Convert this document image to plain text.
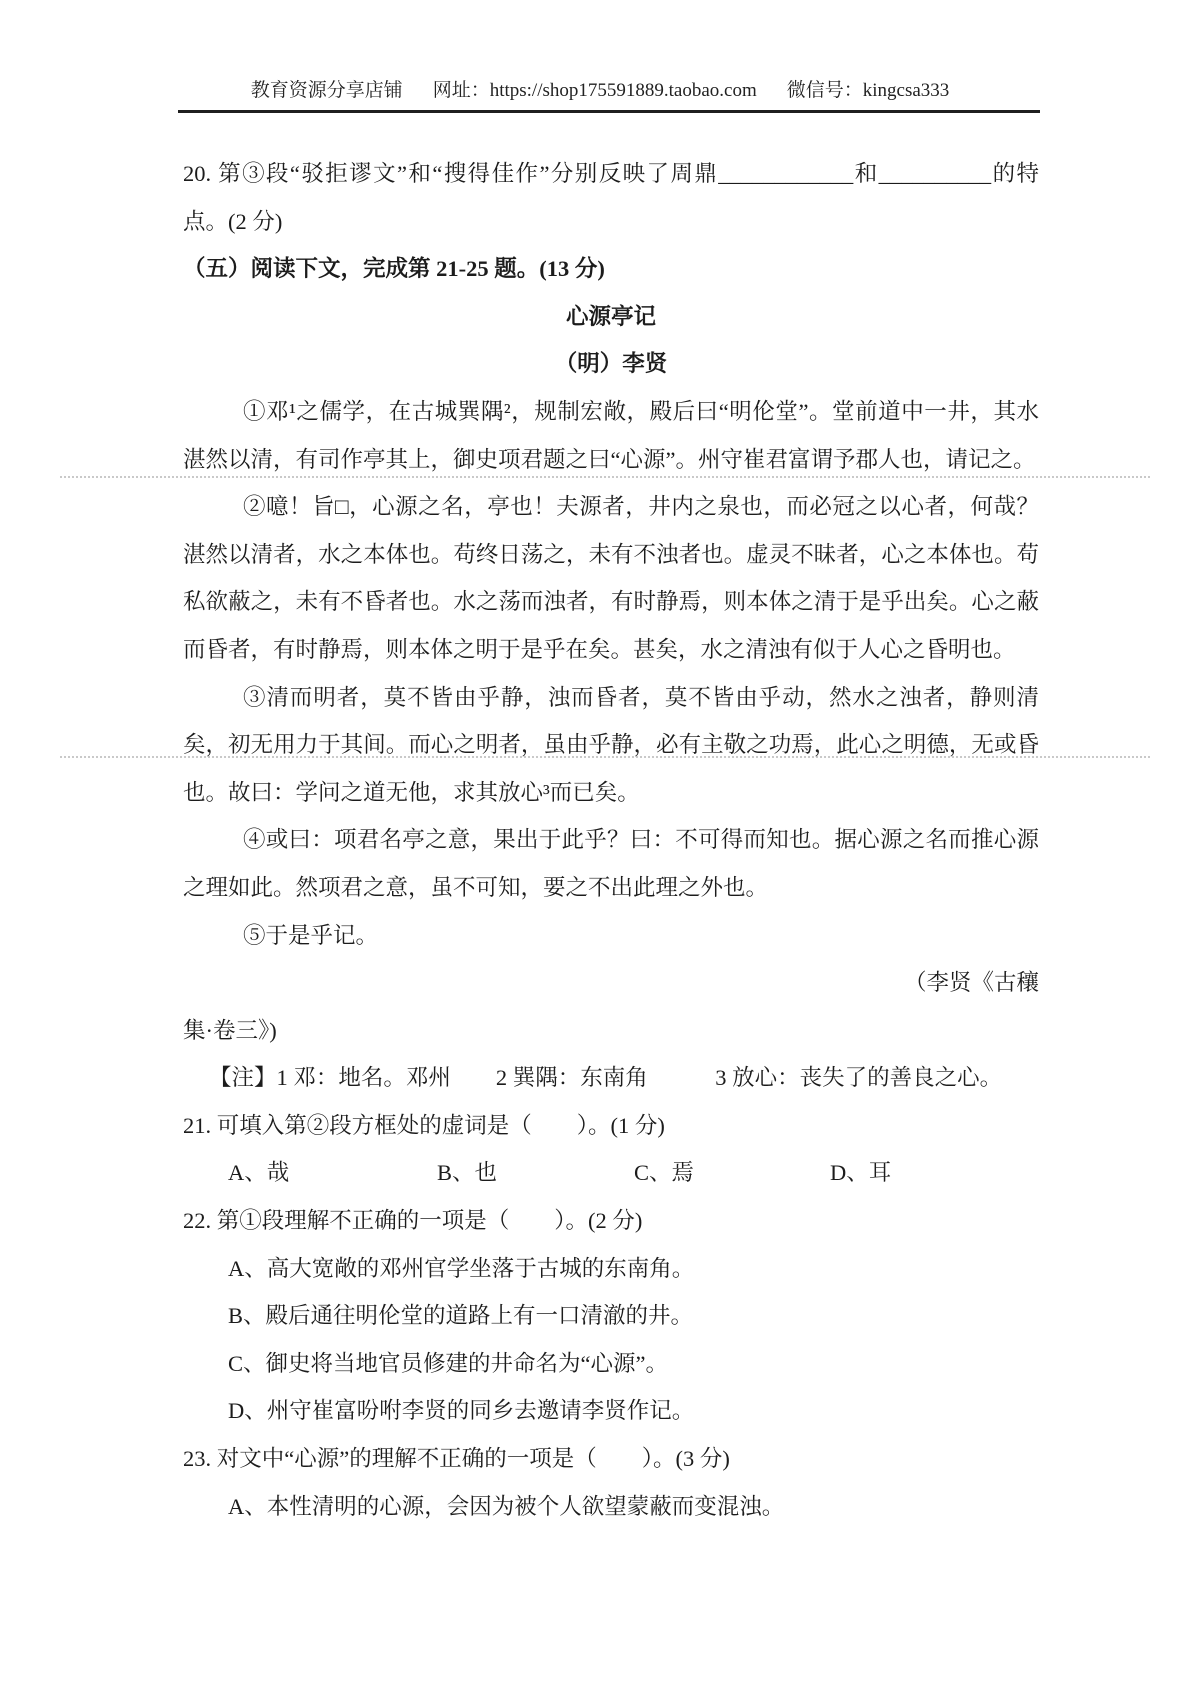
教育资源分享店铺 网址：https://shop175591889.taobao.com 微信号：kingcsa333

20. 第③段“驳拒谬文”和“搜得佳作”分别反映了周鼎____________和__________的特点。(2 分)

（五）阅读下文，完成第 21-25 题。(13 分)

心源亭记

（明）李贤

①邓¹之儒学，在古城巽隅²，规制宏敞，殿后曰“明伦堂”。堂前道中一井，其水湛然以清，有司作亭其上，御史项君题之曰“心源”。州守崔君富谓予郡人也，请记之。

②噫！旨□，心源之名，亭也！夫源者，井内之泉也，而必冠之以心者，何哉？湛然以清者，水之本体也。苟终日荡之，未有不浊者也。虚灵不昧者，心之本体也。苟私欲蔽之，未有不昏者也。水之荡而浊者，有时静焉，则本体之清于是乎出矣。心之蔽而昏者，有时静焉，则本体之明于是乎在矣。甚矣，水之清浊有似于人心之昏明也。

③清而明者，莫不皆由乎静，浊而昏者，莫不皆由乎动，然水之浊者，静则清矣，初无用力于其间。而心之明者，虽由乎静，必有主敬之功焉，此心之明德，无或昏也。故曰：学问之道无他，求其放心³而已矣。

④或曰：项君名亭之意，果出于此乎？曰：不可得而知也。据心源之名而推心源之理如此。然项君之意，虽不可知，要之不出此理之外也。

⑤于是乎记。

（李贤《古穰

集·卷三》)

【注】1 邓：地名。邓州　　2 巽隅：东南角　　　3 放心：丧失了的善良之心。

21. 可填入第②段方框处的虚词是（　　）。(1 分)

A、哉	B、也	C、焉	D、耳

22. 第①段理解不正确的一项是（　　）。(2 分)

A、高大宽敞的邓州官学坐落于古城的东南角。

B、殿后通往明伦堂的道路上有一口清澈的井。

C、御史将当地官员修建的井命名为“心源”。

D、州守崔富吩咐李贤的同乡去邀请李贤作记。

23. 对文中“心源”的理解不正确的一项是（　　）。(3 分)

A、本性清明的心源，会因为被个人欲望蒙蔽而变混浊。
